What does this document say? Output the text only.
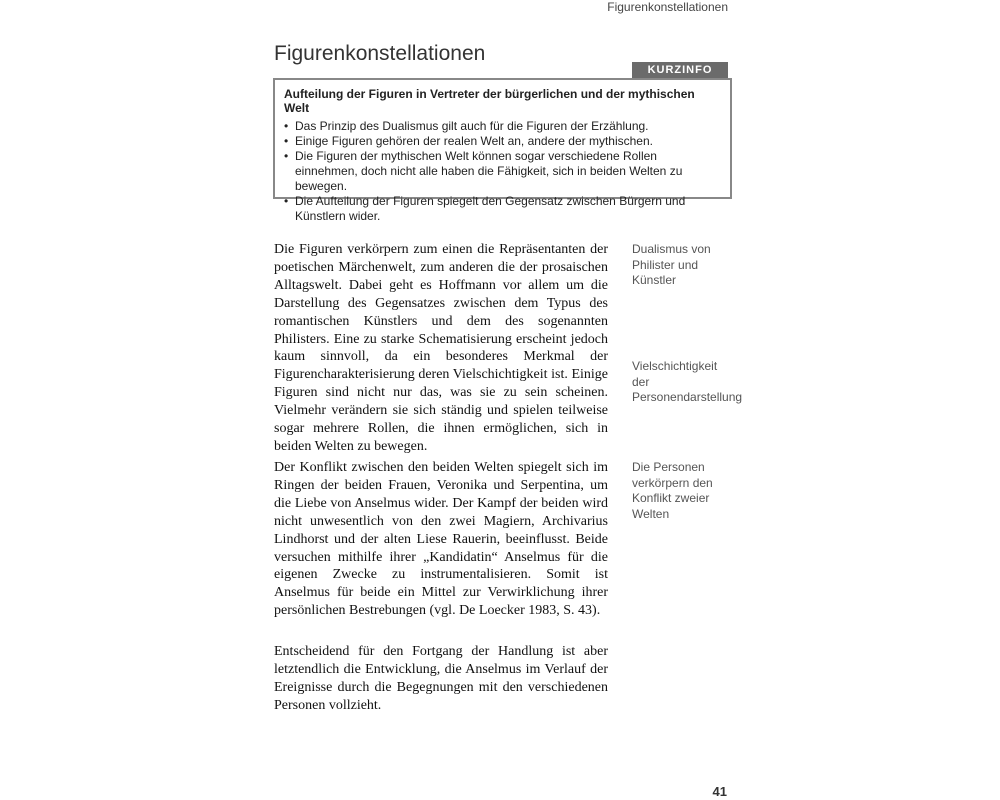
Figurenkonstellationen
Figurenkonstellationen
KURZINFO

Aufteilung der Figuren in Vertreter der bürgerlichen und der mythischen Welt

• Das Prinzip des Dualismus gilt auch für die Figuren der Erzählung.
• Einige Figuren gehören der realen Welt an, andere der mythischen.
• Die Figuren der mythischen Welt können sogar verschiedene Rollen einnehmen, doch nicht alle haben die Fähigkeit, sich in beiden Welten zu bewegen.
• Die Aufteilung der Figuren spiegelt den Gegensatz zwischen Bürgern und Künstlern wider.

Die Figuren verkörpern zum einen die Repräsentanten der poetischen Märchenwelt, zum anderen die der prosaischen Alltagswelt. Dabei geht es Hoffmann vor allem um die Darstellung des Gegensatzes zwischen dem Typus des romantischen Künstlers und dem des sogenannten Philisters. Eine zu starke Schematisierung erscheint jedoch kaum sinnvoll, da ein besonderes Merkmal der Figurencharakterisierung deren Vielschichtigkeit ist. Einige Figuren sind nicht nur das, was sie zu sein scheinen. Vielmehr verändern sie sich ständig und spielen teilweise sogar mehrere Rollen, die ihnen ermöglichen, sich in beiden Welten zu bewegen.

Der Konflikt zwischen den beiden Welten spiegelt sich im Ringen der beiden Frauen, Veronika und Serpentina, um die Liebe von Anselmus wider. Der Kampf der beiden wird nicht unwesentlich von den zwei Magiern, Archivarius Lindhorst und der alten Liese Rauerin, beeinflusst. Beide versuchen mithilfe ihrer „Kandidatin“ Anselmus für die eigenen Zwecke zu instrumentalisieren. Somit ist Anselmus für beide ein Mittel zur Verwirklichung ihrer persönlichen Bestrebungen (vgl. De Loecker 1983, S. 43).

Entscheidend für den Fortgang der Handlung ist aber letztendlich die Entwicklung, die Anselmus im Verlauf der Ereignisse durch die Begegnungen mit den verschiedenen Personen vollzieht.

Dualismus von Philister und Künstler

Vielschichtigkeit der Personendarstellung

Die Personen verkörpern den Konflikt zweier Welten

41
